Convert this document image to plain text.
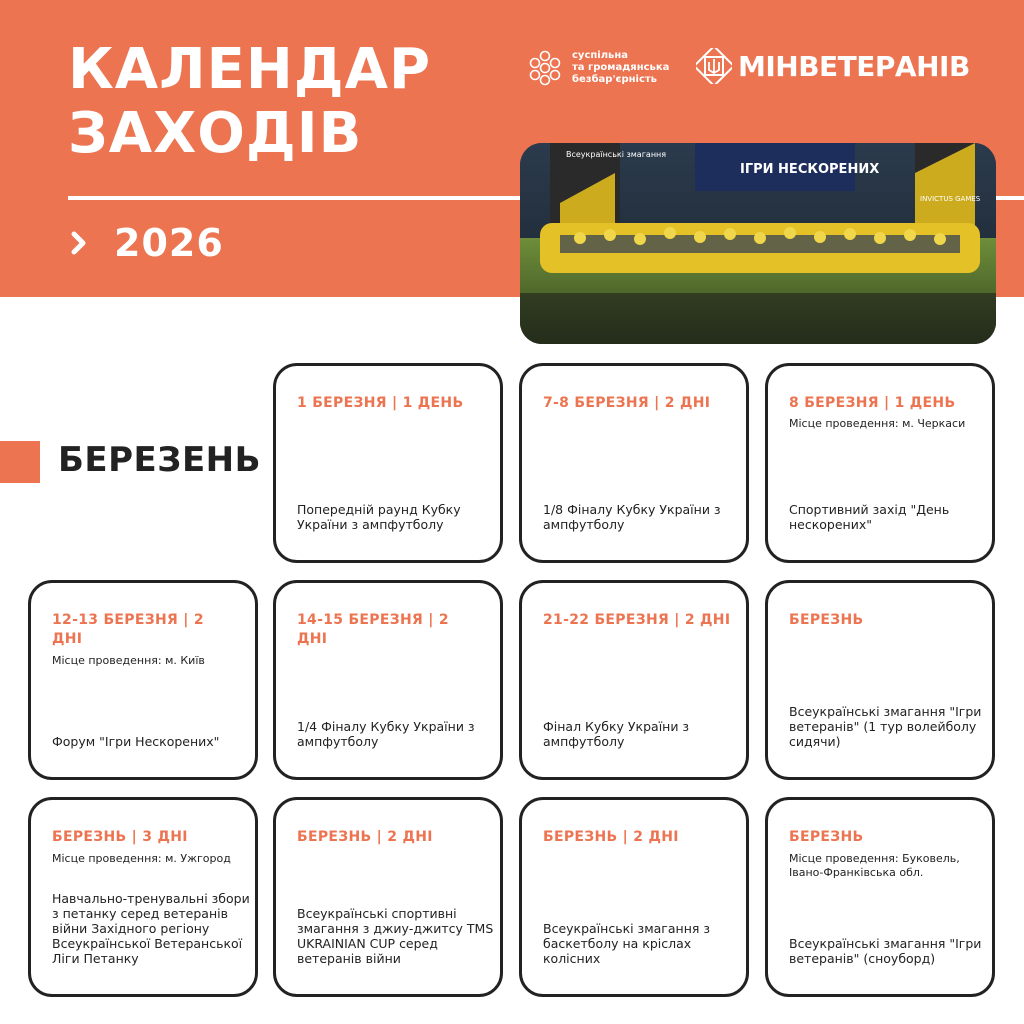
КАЛЕНДАР
ЗАХОДІВ
суспільна
та громадянська
безбар'єрність	МІНВЕТЕРАНІВ
2026
Всеукраїнські змагання
ІГРИ НЕСКОРЕНИХ
INVICTUS GAMES
БЕРЕЗЕНЬ
1 БЕРЕЗНЯ | 1 ДЕНЬ
Попередній раунд Кубку України з ампфутболу
7-8 БЕРЕЗНЯ | 2 ДНІ
1/8 Фіналу Кубку України з ампфутболу
8 БЕРЕЗНЯ | 1 ДЕНЬ
Місце проведення: м. Черкаси
Спортивний захід "День нескорених"
12-13 БЕРЕЗНЯ | 2 ДНІ
Місце проведення: м. Київ
Форум "Ігри Нескорених"
14-15 БЕРЕЗНЯ | 2 ДНІ
1/4 Фіналу Кубку України з ампфутболу
21-22 БЕРЕЗНЯ | 2 ДНІ
Фінал Кубку України з ампфутболу
БЕРЕЗНЬ
Всеукраїнські змагання "Ігри ветеранів" (1 тур волейболу сидячи)
БЕРЕЗНЬ | 3 ДНІ
Місце проведення: м. Ужгород
Навчально-тренувальні збори з петанку серед ветеранів війни Західного регіону Всеукраїнської Ветеранської Ліги Петанку
БЕРЕЗНЬ | 2 ДНІ
Всеукраїнські спортивні змагання з джиу-джитсу TMS UKRAINIAN CUP серед ветеранів війни
БЕРЕЗНЬ | 2 ДНІ
Всеукраїнські змагання з баскетболу на кріслах колісних
БЕРЕЗНЬ
Місце проведення: Буковель, Івано-Франківська обл.
Всеукраїнські змагання "Ігри ветеранів" (сноуборд)
